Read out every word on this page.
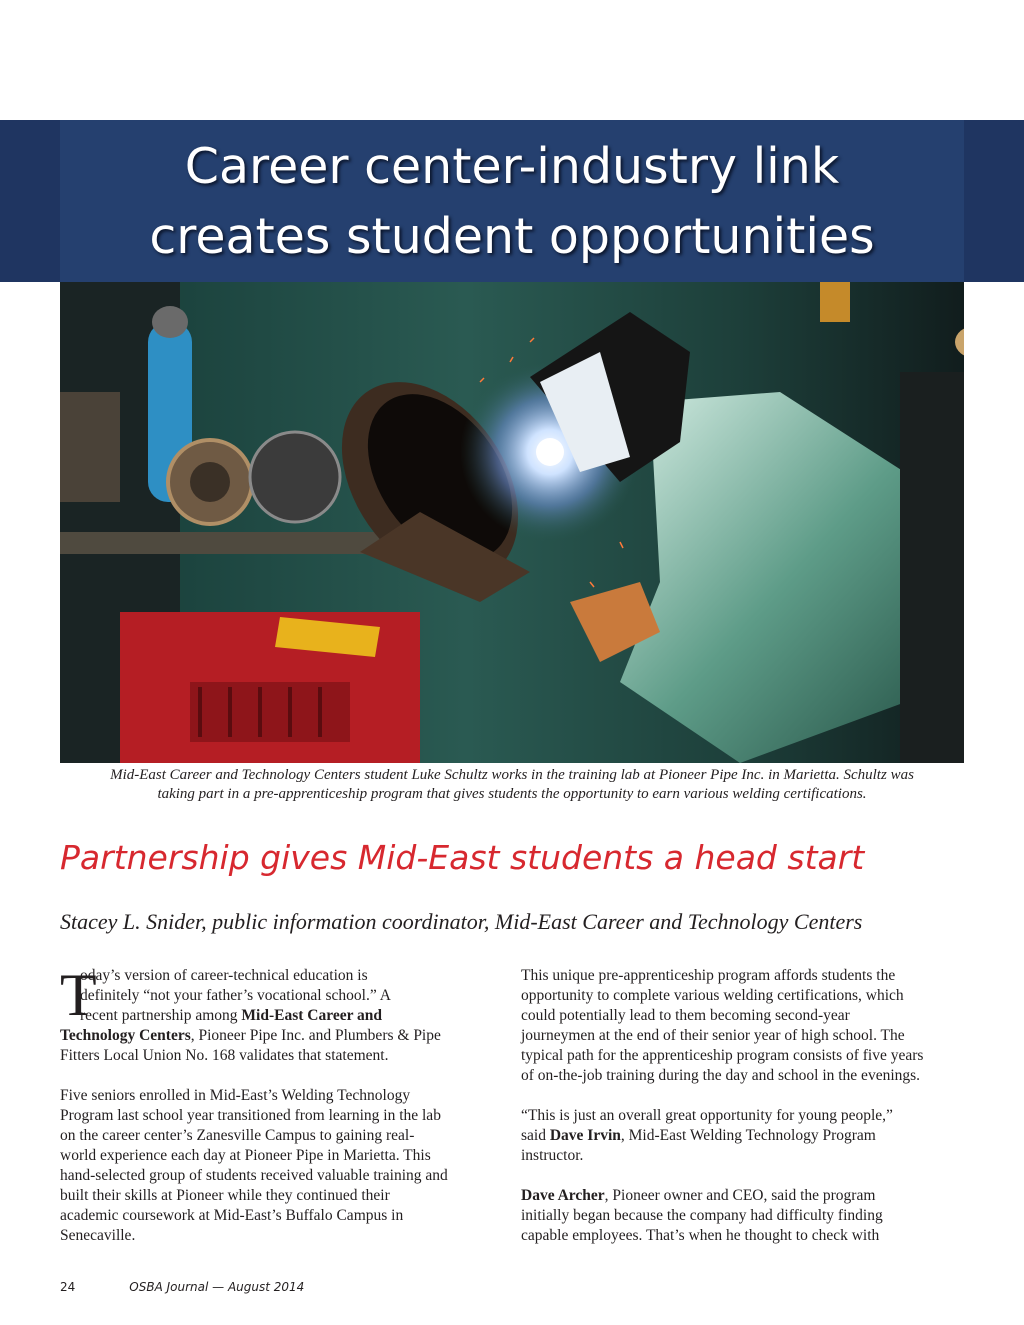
Career center-industry link
creates student opportunities

Mid-East Career and Technology Centers student Luke Schultz works in the training lab at Pioneer Pipe Inc. in Marietta. Schultz was
taking part in a pre-apprenticeship program that gives students the opportunity to earn various welding certifications.

Partnership gives Mid-East students a head start

Stacey L. Snider, public information coordinator, Mid-East Career and Technology Centers

T
oday’s version of career-technical education is
definitely “not your father’s vocational school.” A
recent partnership among Mid-East Career and
Technology Centers, Pioneer Pipe Inc. and Plumbers & Pipe
Fitters Local Union No. 168 validates that statement.

Five seniors enrolled in Mid-East’s Welding Technology
Program last school year transitioned from learning in the lab
on the career center’s Zanesville Campus to gaining real-
world experience each day at Pioneer Pipe in Marietta. This
hand-selected group of students received valuable training and
built their skills at Pioneer while they continued their
academic coursework at Mid-East’s Buffalo Campus in
Senecaville.

This unique pre-apprenticeship program affords students the
opportunity to complete various welding certifications, which
could potentially lead to them becoming second-year
journeymen at the end of their senior year of high school. The
typical path for the apprenticeship program consists of five years
of on-the-job training during the day and school in the evenings.

“This is just an overall great opportunity for young people,”
said Dave Irvin, Mid-East Welding Technology Program
instructor.

Dave Archer, Pioneer owner and CEO, said the program
initially began because the company had difficulty finding
capable employees. That’s when he thought to check with

24	OSBA Journal — August 2014
